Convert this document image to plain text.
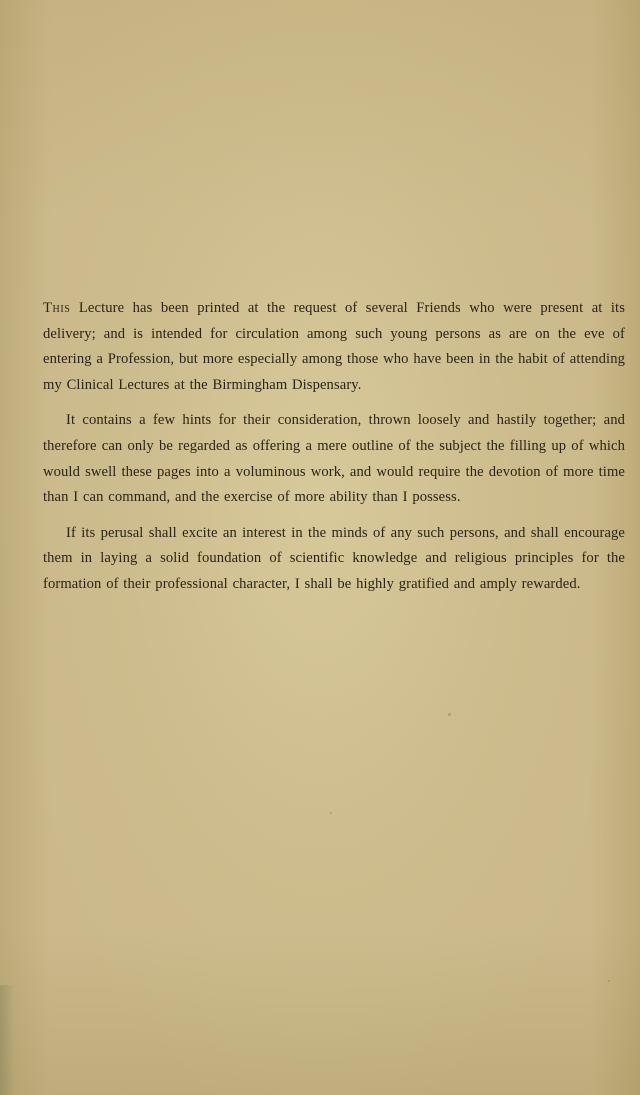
This Lecture has been printed at the request of several Friends who were present at its delivery; and is intended for circulation among such young persons as are on the eve of entering a Profession, but more especially among those who have been in the habit of attending my Clinical Lectures at the Birmingham Dispensary.

It contains a few hints for their consideration, thrown loosely and hastily together; and therefore can only be regarded as offering a mere outline of the subject the filling up of which would swell these pages into a voluminous work, and would require the devotion of more time than I can command, and the exercise of more ability than I possess.

If its perusal shall excite an interest in the minds of any such persons, and shall encourage them in laying a solid foundation of scientific knowledge and religious principles for the formation of their professional character, I shall be highly gratified and amply rewarded.
